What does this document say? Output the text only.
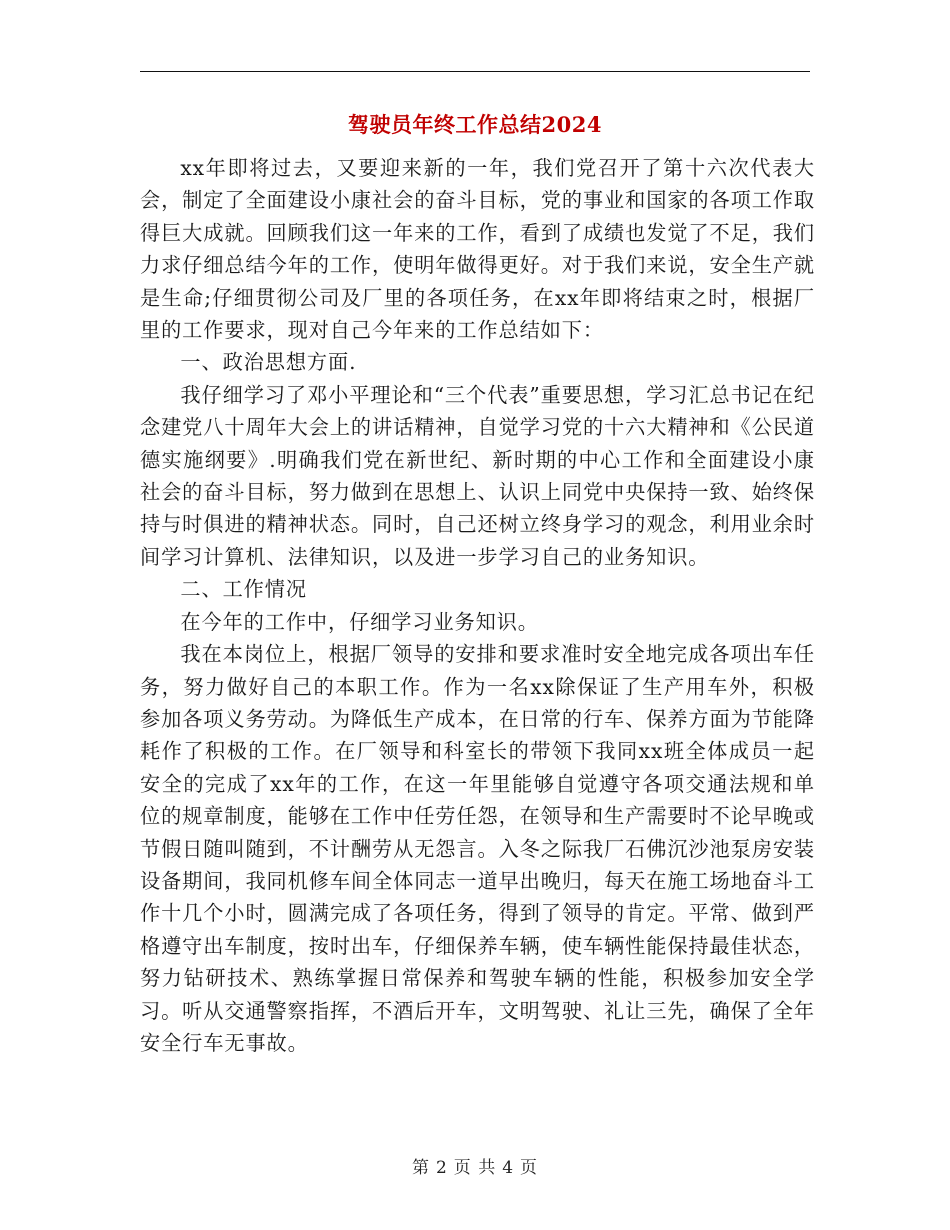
驾驶员年终工作总结2024

xx年即将过去，又要迎来新的一年，我们党召开了第十六次代表大会，制定了全面建设小康社会的奋斗目标，党的事业和国家的各项工作取得巨大成就。回顾我们这一年来的工作，看到了成绩也发觉了不足，我们力求仔细总结今年的工作，使明年做得更好。对于我们来说，安全生产就是生命;仔细贯彻公司及厂里的各项任务，在xx年即将结束之时，根据厂里的工作要求，现对自己今年来的工作总结如下：

一、政治思想方面.

我仔细学习了邓小平理论和“三个代表”重要思想，学习汇总书记在纪念建党八十周年大会上的讲话精神，自觉学习党的十六大精神和《公民道德实施纲要》.明确我们党在新世纪、新时期的中心工作和全面建设小康社会的奋斗目标，努力做到在思想上、认识上同党中央保持一致、始终保持与时俱进的精神状态。同时，自己还树立终身学习的观念，利用业余时间学习计算机、法律知识，以及进一步学习自己的业务知识。

二、工作情况

在今年的工作中，仔细学习业务知识。

我在本岗位上，根据厂领导的安排和要求准时安全地完成各项出车任务，努力做好自己的本职工作。作为一名xx除保证了生产用车外，积极参加各项义务劳动。为降低生产成本，在日常的行车、保养方面为节能降耗作了积极的工作。在厂领导和科室长的带领下我同xx班全体成员一起安全的完成了xx年的工作，在这一年里能够自觉遵守各项交通法规和单位的规章制度，能够在工作中任劳任怨，在领导和生产需要时不论早晚或节假日随叫随到，不计酬劳从无怨言。入冬之际我厂石佛沉沙池泵房安装设备期间，我同机修车间全体同志一道早出晚归，每天在施工场地奋斗工作十几个小时，圆满完成了各项任务，得到了领导的肯定。平常、做到严格遵守出车制度，按时出车，仔细保养车辆，使车辆性能保持最佳状态，努力钻研技术、熟练掌握日常保养和驾驶车辆的性能，积极参加安全学习。听从交通警察指挥，不酒后开车，文明驾驶、礼让三先，确保了全年安全行车无事故。

第 2 页 共 4 页
